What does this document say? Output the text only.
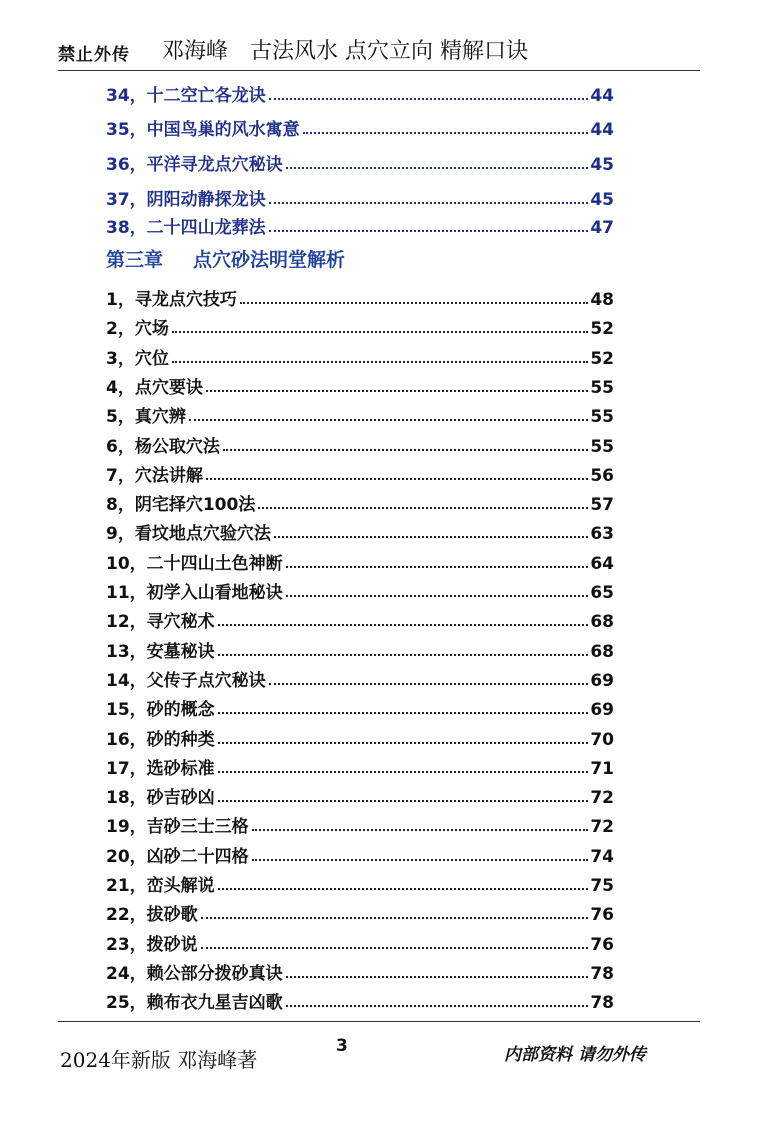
禁止外传 邓海峰　古法风水 点穴立向 精解口诀
第三章 点穴砂法明堂解析
34， 十二空亡各龙诀	44
35， 中国鸟巢的风水寓意	44
36， 平洋寻龙点穴秘诀	45
37， 阴阳动静探龙诀	45
38， 二十四山龙葬法	47
1， 寻龙点穴技巧	48
2， 穴场	52
3， 穴位	52
4， 点穴要诀	55
5， 真穴辨	55
6， 杨公取穴法	55
7， 穴法讲解	56
8， 阴宅择穴100法	57
9， 看坟地点穴验穴法	63
10， 二十四山土色神断	64
11， 初学入山看地秘诀	65
12， 寻穴秘术	68
13， 安墓秘诀	68
14， 父传子点穴秘诀	69
15， 砂的概念	69
16， 砂的种类	70
17， 选砂标准	71
18， 砂吉砂凶	72
19， 吉砂三士三格	72
20， 凶砂二十四格	74
21， 峦头解说	75
22， 拔砂歌	76
23， 拨砂说	76
24， 赖公部分拨砂真诀	78
25， 赖布衣九星吉凶歌	78
2024年新版 邓海峰著
3	内部资料 请勿外传
